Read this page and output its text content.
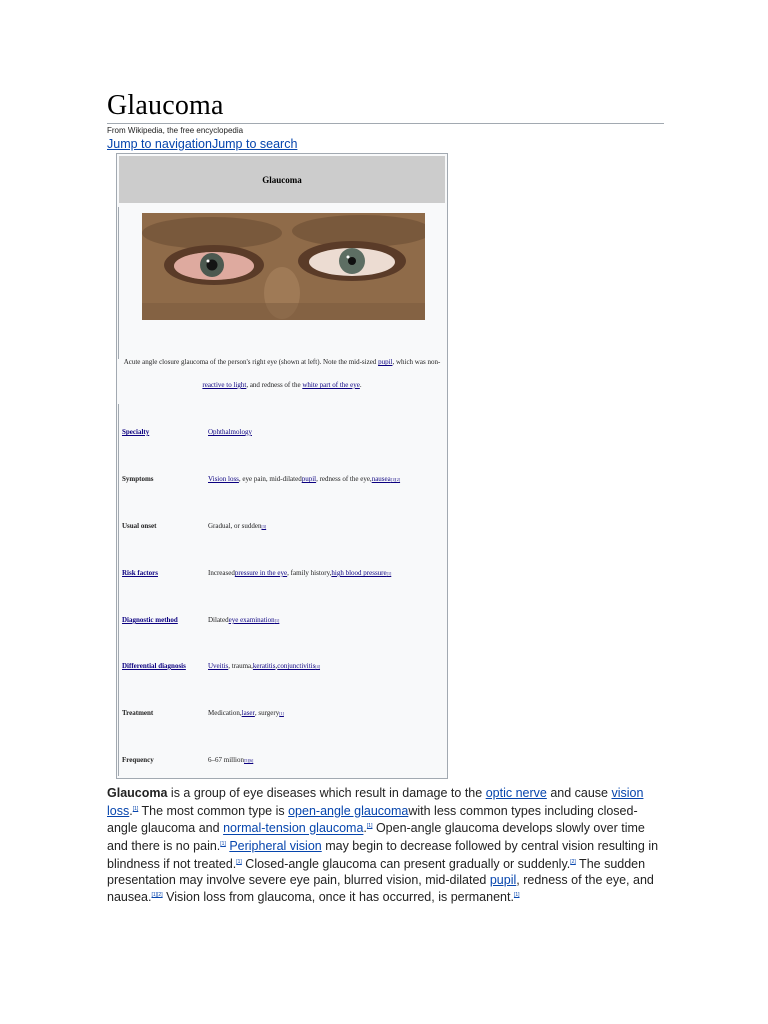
Glaucoma
From Wikipedia, the free encyclopedia
Jump to navigationJump to search
Glaucoma
Acute angle closure glaucoma of the person's right eye (shown at left). Note the mid-sized pupil, which was non-reactive to light, and redness of the white part of the eye.
Specialty	Ophthalmology
Symptoms	Vision loss , eye pain, mid-dilated pupil , redness of the eye, nausea [1][2]
Usual onset	Gradual, or sudden [3]
Risk factors	Increased pressure in the eye , family history, high blood pressure [1]
Diagnostic method	Dilated eye examination [1]
Differential diagnosis	Uveitis , trauma, keratitis , conjunctivitis [4]
Treatment	Medication, laser , surgery [1]
Frequency	6–67 million [5][6]

Glaucoma is a group of eye diseases which result in damage to the optic nerve and cause vision loss.[1] The most common type is open-angle glaucomawith less common types including closed-angle glaucoma and normal-tension glaucoma.[1] Open-angle glaucoma develops slowly over time and there is no pain.[1] Peripheral vision may begin to decrease followed by central vision resulting in blindness if not treated.[1] Closed-angle glaucoma can present gradually or suddenly.[2] The sudden presentation may involve severe eye pain, blurred vision, mid-dilated pupil, redness of the eye, and nausea.[1][2] Vision loss from glaucoma, once it has occurred, is permanent.[1]
